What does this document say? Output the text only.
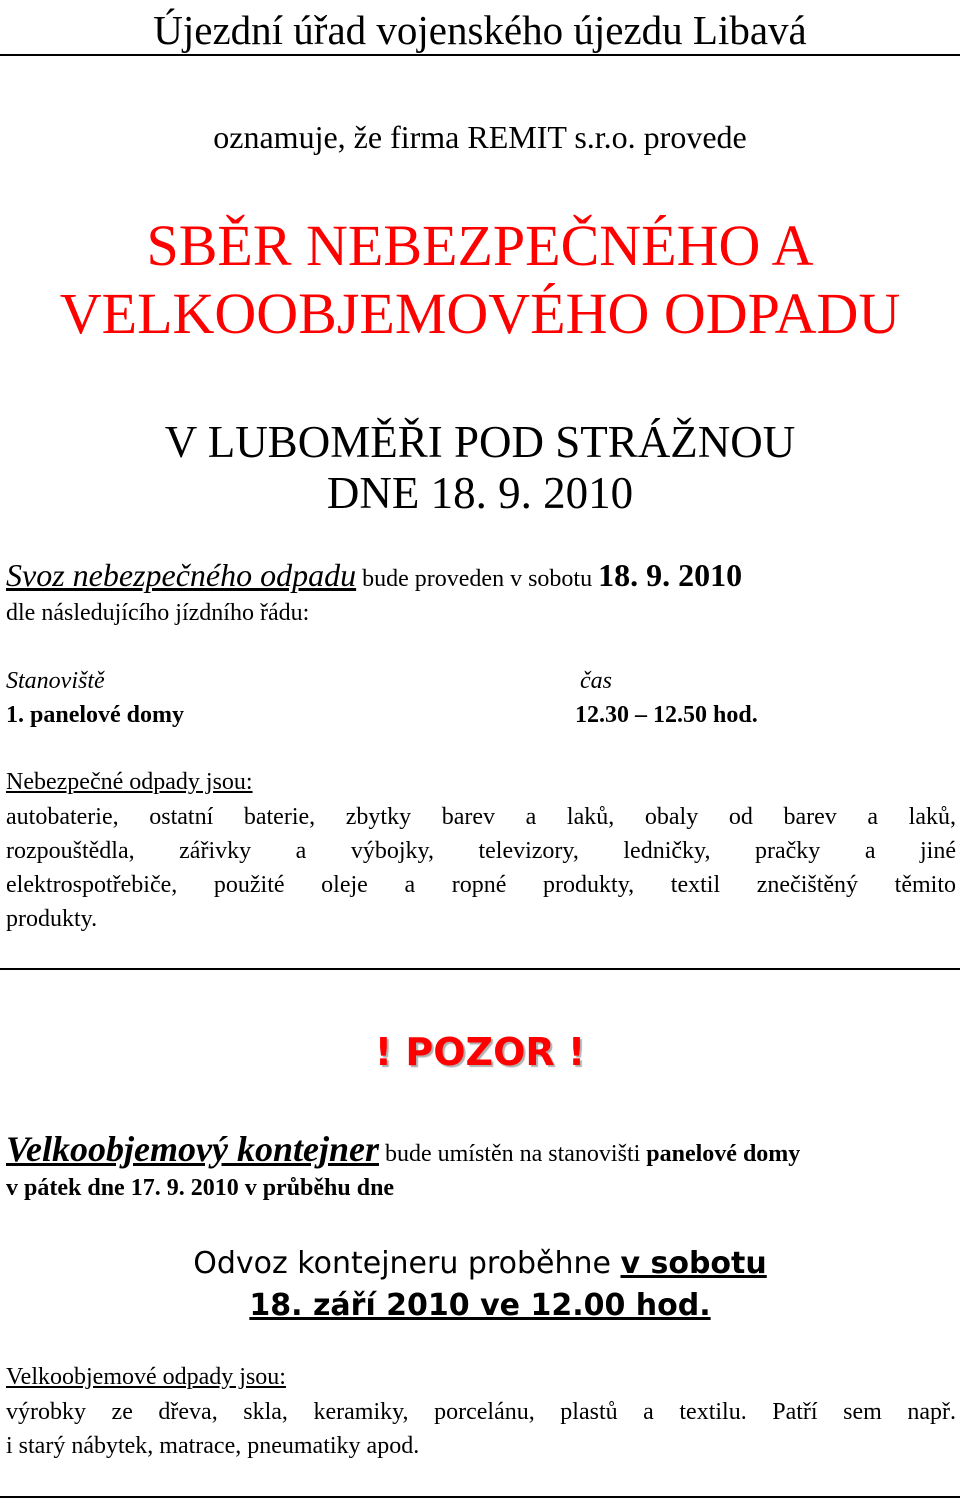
Újezdní úřad vojenského újezdu Libavá
oznamuje, že firma REMIT s.r.o. provede
SBĚR NEBEZPEČNÉHO A
VELKOOBJEMOVÉHO ODPADU
V LUBOMĚŘI POD STRÁŽNOU
DNE 18. 9. 2010
Svoz nebezpečného odpadu bude proveden v sobotu 18. 9. 2010
dle následujícího jízdního řádu:
Stanoviště	čas
1. panelové domy	12.30 – 12.50 hod.
Nebezpečné odpady jsou:
autobaterie, ostatní baterie, zbytky barev a laků, obaly od barev a laků,
rozpouštědla, zářivky a výbojky, televizory, ledničky, pračky a jiné
elektrospotřebiče, použité oleje a ropné produkty, textil znečištěný těmito
produkty.
! POZOR !
Velkoobjemový kontejner bude umístěn na stanovišti panelové domy
v pátek dne 17. 9. 2010 v průběhu dne
Odvoz kontejneru proběhne v sobotu
18. září 2010 ve 12.00 hod.
Velkoobjemové odpady jsou:
výrobky ze dřeva, skla, keramiky, porcelánu, plastů a textilu. Patří sem např.
i starý nábytek, matrace, pneumatiky apod.
